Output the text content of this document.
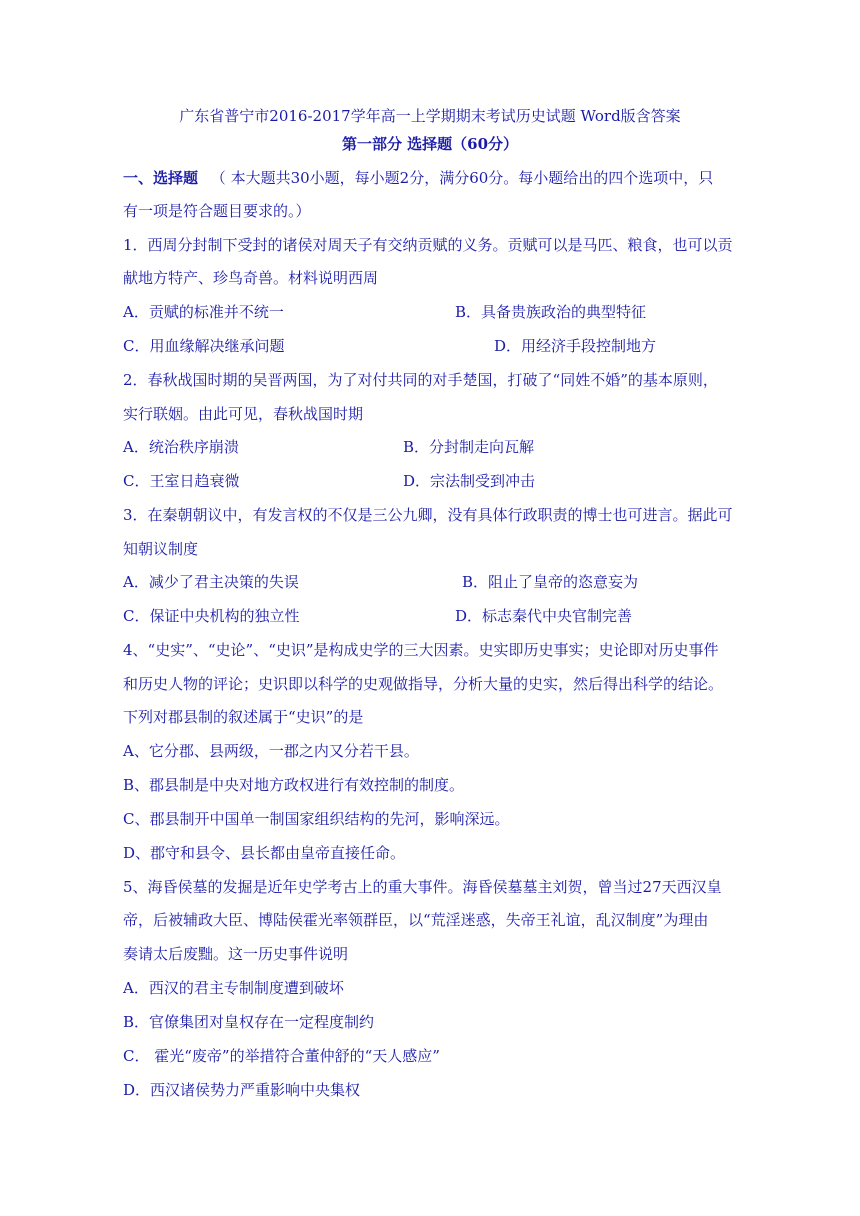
广东省普宁市2016-2017学年高一上学期期末考试历史试题 Word版含答案
第一部分 选择题（60分）
一、选择题 （ 本大题共30小题，每小题2分，满分60分。每小题给出的四个选项中，只
有一项是符合题目要求的。）
1．西周分封制下受封的诸侯对周天子有交纳贡赋的义务。贡赋可以是马匹、粮食，也可以贡
献地方特产、珍鸟奇兽。材料说明西周
A．贡赋的标准并不统一	B．具备贵族政治的典型特征
C．用血缘解决继承问题	D．用经济手段控制地方
2．春秋战国时期的吴晋两国，为了对付共同的对手楚国，打破了“同姓不婚”的基本原则，
实行联姻。由此可见，春秋战国时期
A．统治秩序崩溃	B．分封制走向瓦解
C．王室日趋衰微	D．宗法制受到冲击
3．在秦朝朝议中，有发言权的不仅是三公九卿，没有具体行政职责的博士也可进言。据此可
知朝议制度
A．减少了君主决策的失误	B．阻止了皇帝的恣意妄为
C．保证中央机构的独立性	D．标志秦代中央官制完善
4、“史实”、“史论”、“史识”是构成史学的三大因素。史实即历史事实；史论即对历史事件
和历史人物的评论；史识即以科学的史观做指导，分析大量的史实，然后得出科学的结论。
下列对郡县制的叙述属于“史识”的是
A、它分郡、县两级，一郡之内又分若干县。
B、郡县制是中央对地方政权进行有效控制的制度。
C、郡县制开中国单一制国家组织结构的先河，影响深远。
D、郡守和县令、县长都由皇帝直接任命。
5、海昏侯墓的发掘是近年史学考古上的重大事件。海昏侯墓墓主刘贺，曾当过27天西汉皇
帝，后被辅政大臣、博陆侯霍光率领群臣，以“荒淫迷惑，失帝王礼谊，乱汉制度”为理由
奏请太后废黜。这一历史事件说明
A．西汉的君主专制制度遭到破坏
B．官僚集团对皇权存在一定程度制约
C． 霍光“废帝”的举措符合董仲舒的“天人感应”
D．西汉诸侯势力严重影响中央集权
